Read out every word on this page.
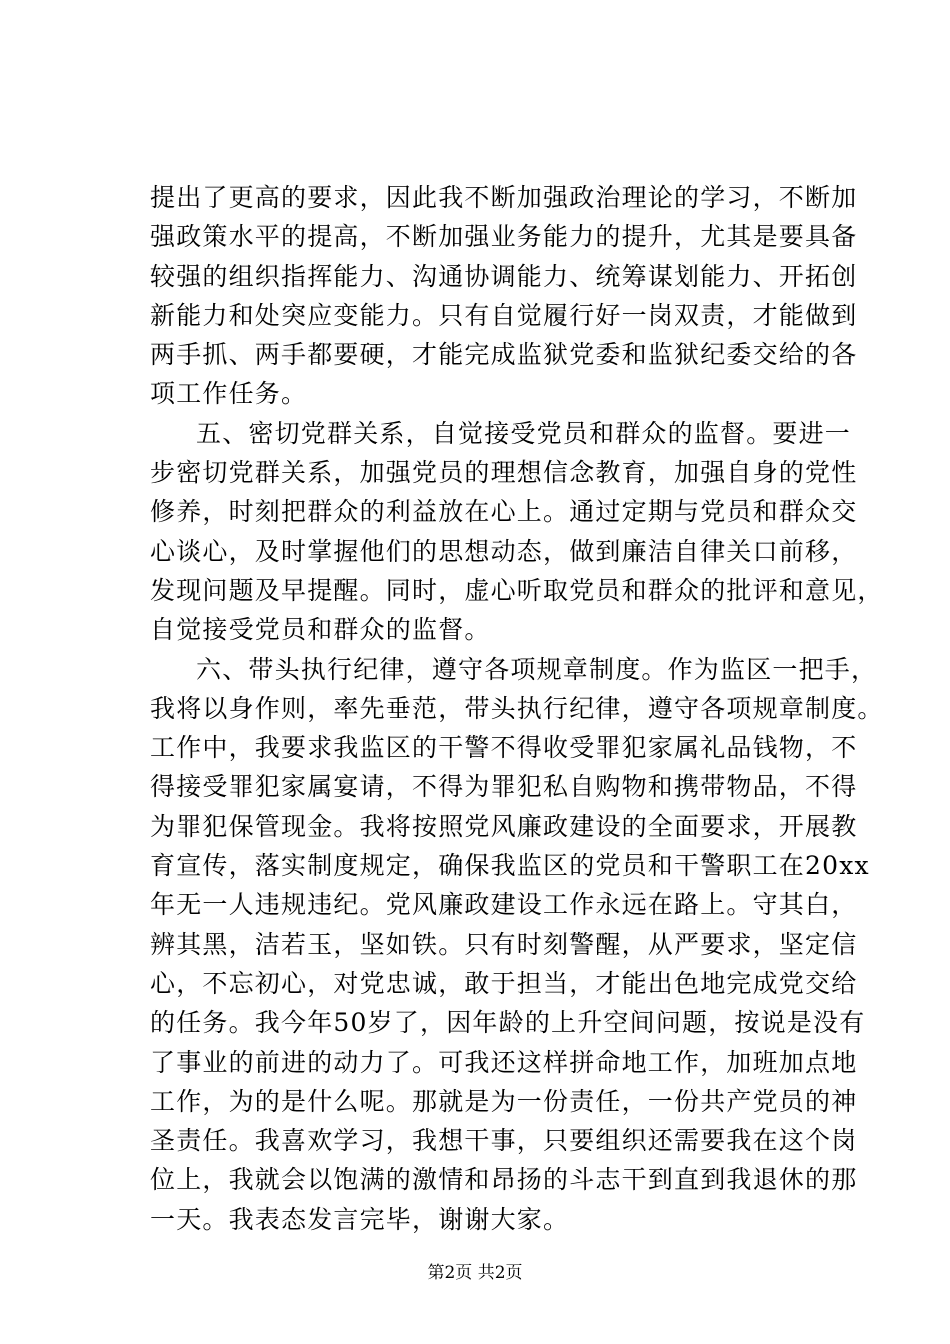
提出了更高的要求，因此我不断加强政治理论的学习，不断加
强政策水平的提高，不断加强业务能力的提升，尤其是要具备
较强的组织指挥能力、沟通协调能力、统筹谋划能力、开拓创
新能力和处突应变能力。只有自觉履行好一岗双责，才能做到
两手抓、两手都要硬，才能完成监狱党委和监狱纪委交给的各
项工作任务。
五、密切党群关系，自觉接受党员和群众的监督。要进一
步密切党群关系，加强党员的理想信念教育，加强自身的党性
修养，时刻把群众的利益放在心上。通过定期与党员和群众交
心谈心，及时掌握他们的思想动态，做到廉洁自律关口前移，
发现问题及早提醒。同时，虚心听取党员和群众的批评和意见，
自觉接受党员和群众的监督。
六、带头执行纪律，遵守各项规章制度。作为监区一把手，
我将以身作则，率先垂范，带头执行纪律，遵守各项规章制度。
工作中，我要求我监区的干警不得收受罪犯家属礼品钱物，不
得接受罪犯家属宴请，不得为罪犯私自购物和携带物品，不得
为罪犯保管现金。我将按照党风廉政建设的全面要求，开展教
育宣传，落实制度规定，确保我监区的党员和干警职工在20xx
年无一人违规违纪。党风廉政建设工作永远在路上。守其白，
辨其黑，洁若玉，坚如铁。只有时刻警醒，从严要求，坚定信
心，不忘初心，对党忠诚，敢于担当，才能出色地完成党交给
的任务。我今年50岁了，因年龄的上升空间问题，按说是没有
了事业的前进的动力了。可我还这样拼命地工作，加班加点地
工作，为的是什么呢。那就是为一份责任，一份共产党员的神
圣责任。我喜欢学习，我想干事，只要组织还需要我在这个岗
位上，我就会以饱满的激情和昂扬的斗志干到直到我退休的那
一天。我表态发言完毕，谢谢大家。
第2页 共2页
